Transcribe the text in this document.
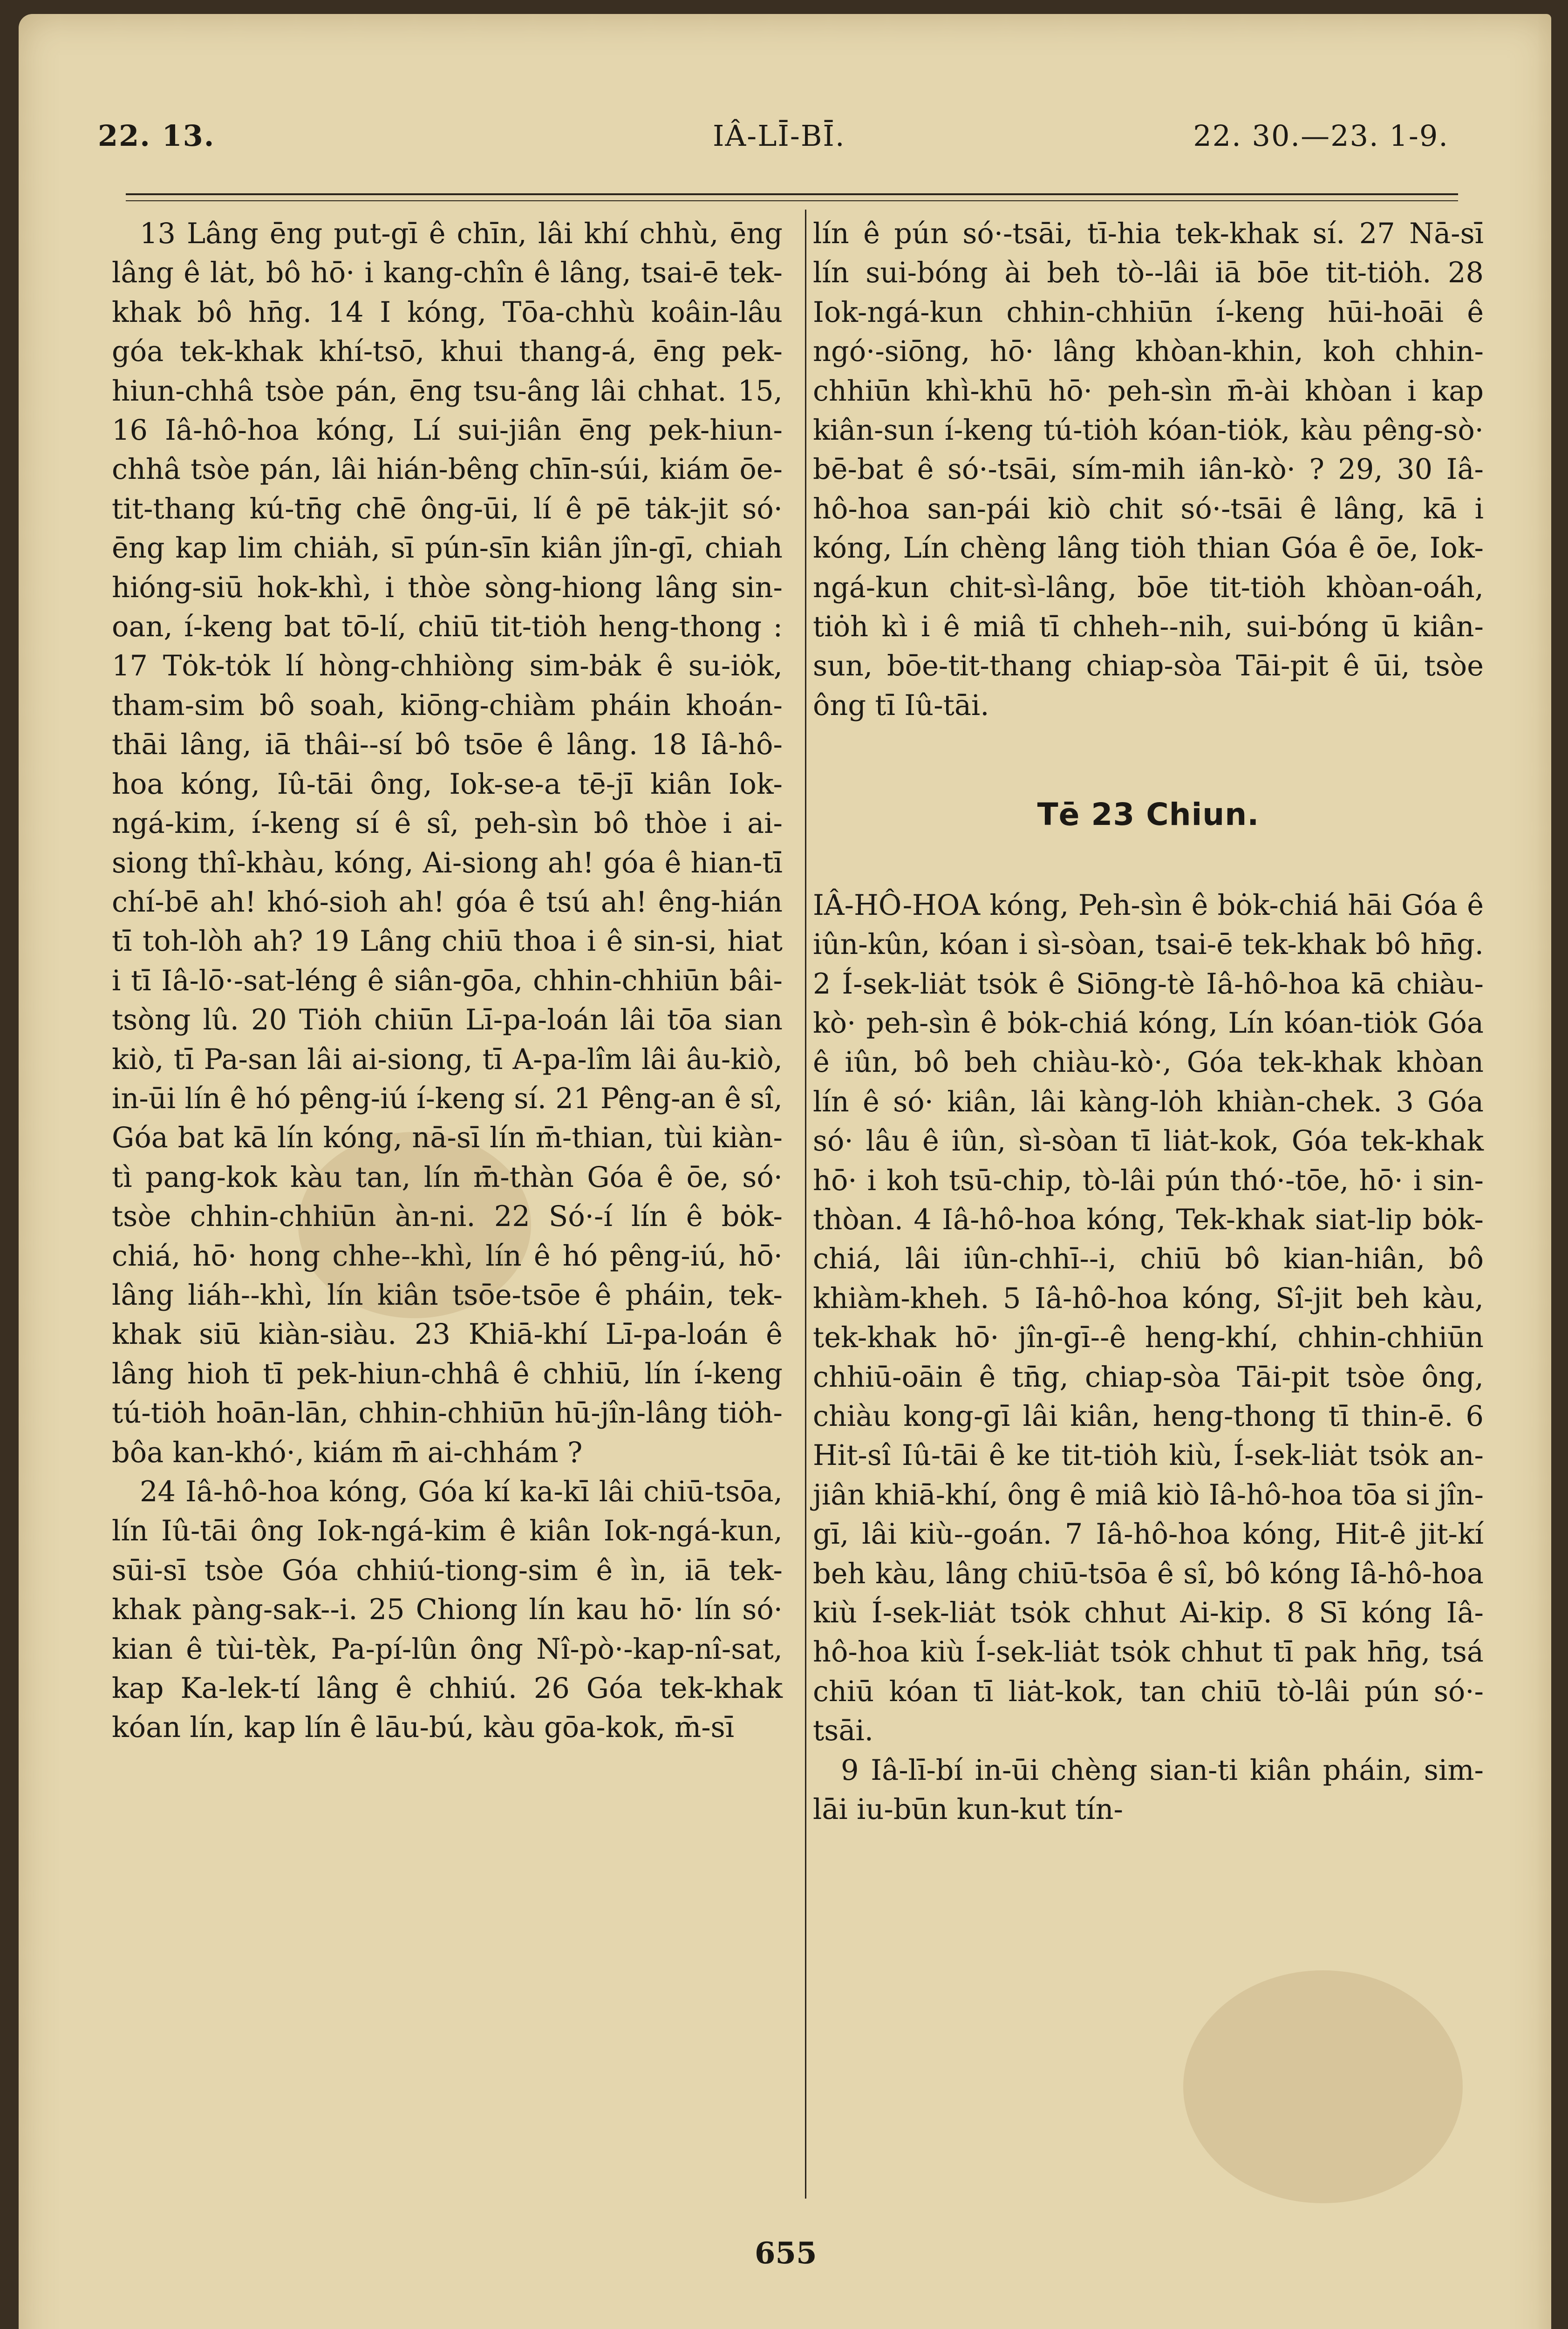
22. 13.	IÂ-LĪ-BĪ.	22. 30.—23. 1-9.

13 Lâng ēng put-gī ê chīn, lâi khí chhù, ēng lâng ê lȧt, bô hō· i kang-chîn ê lâng, tsai-ē tek-khak bô hn̄g. 14 I kóng, Tōa-chhù koâin-lâu góa tek-khak khí-tsō, khui thang-á, ēng pek-hiun-chhâ tsòe pán, ēng tsu-âng lâi chhat. 15, 16 Iâ-hô-hoa kóng, Lí sui-jiân ēng pek-hiun-chhâ tsòe pán, lâi hián-bêng chīn-súi, kiám ōe-tit-thang kú-tn̄g chē ông-ūi, lí ê pē tȧk-jit só· ēng kap lim chiȧh, sī pún-sīn kiân jîn-gī, chiah hióng-siū hok-khì, i thòe sòng-hiong lâng sin-oan, í-keng bat tō-lí, chiū tit-tiȯh heng-thong : 17 Tȯk-tȯk lí hòng-chhiòng sim-bȧk ê su-iȯk, tham-sim bô soah, kiōng-chiàm pháin khoán-thāi lâng, iā thâi--sí bô tsōe ê lâng. 18 Iâ-hô-hoa kóng, Iû-tāi ông, Iok-se-a tē-jī kiân Iok-ngá-kim, í-keng sí ê sî, peh-sìn bô thòe i ai-siong thî-khàu, kóng, Ai-siong ah! góa ê hian-tī chí-bē ah! khó-sioh ah! góa ê tsú ah! êng-hián tī toh-lòh ah? 19 Lâng chiū thoa i ê sin-si, hiat i tī Iâ-lō·-sat-léng ê siân-gōa, chhin-chhiūn bâi-tsòng lû. 20 Tiȯh chiūn Lī-pa-loán lâi tōa sian kiò, tī Pa-san lâi ai-siong, tī A-pa-lîm lâi âu-kiò, in-ūi lín ê hó pêng-iú í-keng sí. 21 Pêng-an ê sî, Góa bat kā lín kóng, nā-sī lín m̄-thian, tùi kiàn-tì pang-kok kàu tan, lín m̄-thàn Góa ê ōe, só· tsòe chhin-chhiūn àn-ni. 22 Só·-í lín ê bȯk-chiá, hō· hong chhe--khì, lín ê hó pêng-iú, hō· lâng liáh--khì, lín kiân tsōe-tsōe ê pháin, tek-khak siū kiàn-siàu. 23 Khiā-khí Lī-pa-loán ê lâng hioh tī pek-hiun-chhâ ê chhiū, lín í-keng tú-tiȯh hoān-lān, chhin-chhiūn hū-jîn-lâng tiȯh-bôa kan-khó·, kiám m̄ ai-chhám ?

24 Iâ-hô-hoa kóng, Góa kí ka-kī lâi chiū-tsōa, lín Iû-tāi ông Iok-ngá-kim ê kiân Iok-ngá-kun, sūi-sī tsòe Góa chhiú-tiong-sim ê ìn, iā tek-khak pàng-sak--i. 25 Chiong lín kau hō· lín só· kian ê tùi-tèk, Pa-pí-lûn ông Nî-pò·-kap-nî-sat, kap Ka-lek-tí lâng ê chhiú. 26 Góa tek-khak kóan lín, kap lín ê lāu-bú, kàu gōa-kok, m̄-sī

lín ê pún só·-tsāi, tī-hia tek-khak sí. 27 Nā-sī lín sui-bóng ài beh tò--lâi iā bōe tit-tiȯh. 28 Iok-ngá-kun chhin-chhiūn í-keng hūi-hoāi ê ngó·-siōng, hō· lâng khòan-khin, koh chhin-chhiūn khì-khū hō· peh-sìn m̄-ài khòan i kap kiân-sun í-keng tú-tiȯh kóan-tiȯk, kàu pêng-sò· bē-bat ê só·-tsāi, sím-mih iân-kò· ? 29, 30 Iâ-hô-hoa san-pái kiò chit só·-tsāi ê lâng, kā i kóng, Lín chèng lâng tiȯh thian Góa ê ōe, Iok-ngá-kun chit-sì-lâng, bōe tit-tiȯh khòan-oáh, tiȯh kì i ê miâ tī chheh--nih, sui-bóng ū kiân-sun, bōe-tit-thang chiap-sòa Tāi-pit ê ūi, tsòe ông tī Iû-tāi.

Tē 23 Chiun.

IÂ-HÔ-HOA kóng, Peh-sìn ê bȯk-chiá hāi Góa ê iûn-kûn, kóan i sì-sòan, tsai-ē tek-khak bô hn̄g. 2 Í-sek-liȧt tsȯk ê Siōng-tè Iâ-hô-hoa kā chiàu-kò· peh-sìn ê bȯk-chiá kóng, Lín kóan-tiȯk Góa ê iûn, bô beh chiàu-kò·, Góa tek-khak khòan lín ê só· kiân, lâi kàng-lȯh khiàn-chek. 3 Góa só· lâu ê iûn, sì-sòan tī liȧt-kok, Góa tek-khak hō· i koh tsū-chip, tò-lâi pún thó·-tōe, hō· i sin-thòan. 4 Iâ-hô-hoa kóng, Tek-khak siat-lip bȯk-chiá, lâi iûn-chhī--i, chiū bô kian-hiân, bô khiàm-kheh. 5 Iâ-hô-hoa kóng, Sî-jit beh kàu, tek-khak hō· jîn-gī--ê heng-khí, chhin-chhiūn chhiū-oāin ê tn̄g, chiap-sòa Tāi-pit tsòe ông, chiàu kong-gī lâi kiân, heng-thong tī thin-ē. 6 Hit-sî Iû-tāi ê ke tit-tiȯh kiù, Í-sek-liȧt tsȯk an-jiân khiā-khí, ông ê miâ kiò Iâ-hô-hoa tōa si jîn-gī, lâi kiù--goán. 7 Iâ-hô-hoa kóng, Hit-ê jit-kí beh kàu, lâng chiū-tsōa ê sî, bô kóng Iâ-hô-hoa kiù Í-sek-liȧt tsȯk chhut Ai-kip. 8 Sī kóng Iâ-hô-hoa kiù Í-sek-liȧt tsȯk chhut tī pak hn̄g, tsá chiū kóan tī liȧt-kok, tan chiū tò-lâi pún só·-tsāi.

9 Iâ-lī-bí in-ūi chèng sian-ti kiân pháin, sim-lāi iu-būn kun-kut tín-

655
